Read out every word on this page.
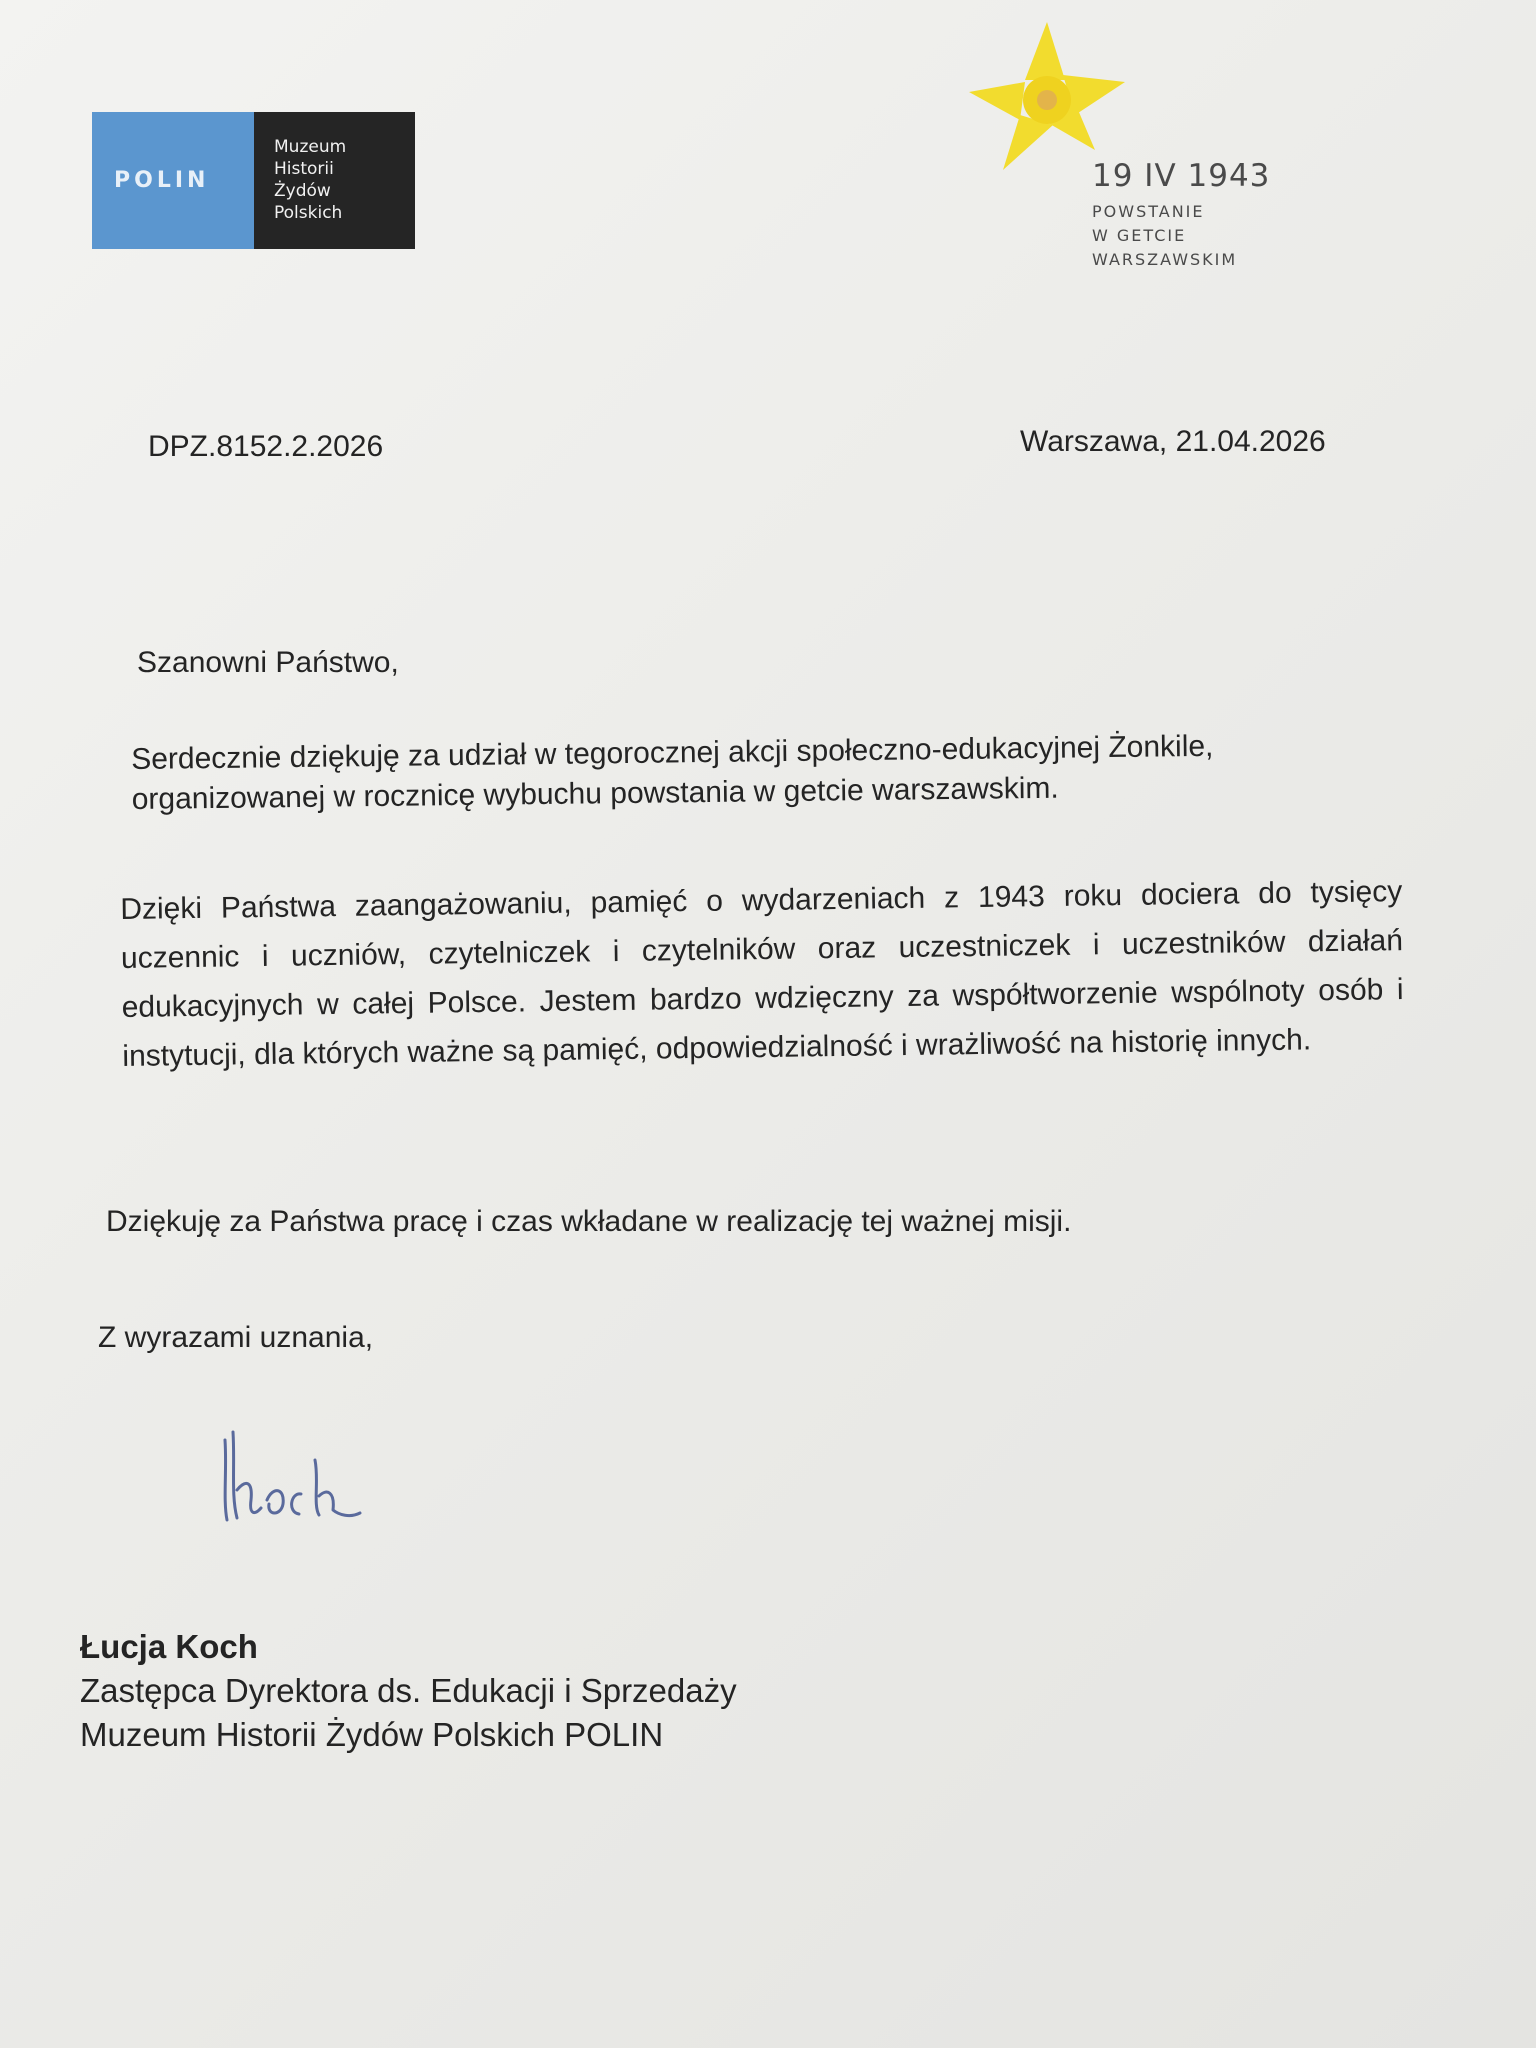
POLIN
Muzeum
Historii
Żydów
Polskich
19 IV 1943
POWSTANIE
W GETCIE
WARSZAWSKIM
DPZ.8152.2.2026	Warszawa, 21.04.2026

Szanowni Państwo,

Serdecznie dziękuję za udział w tegorocznej akcji społeczno-edukacyjnej Żonkile, organizowanej w rocznicę wybuchu powstania w getcie warszawskim.

Dzięki Państwa zaangażowaniu, pamięć o wydarzeniach z 1943 roku dociera do tysięcy uczennic i uczniów, czytelniczek i czytelników oraz uczestniczek i uczestników działań edukacyjnych w całej Polsce. Jestem bardzo wdzięczny za współtworzenie wspólnoty osób i instytucji, dla których ważne są pamięć, odpowiedzialność i wrażliwość na historię innych.

Dziękuję za Państwa pracę i czas wkładane w realizację tej ważnej misji.

Z wyrazami uznania,

Łucja Koch
Zastępca Dyrektora ds. Edukacji i Sprzedaży
Muzeum Historii Żydów Polskich POLIN
